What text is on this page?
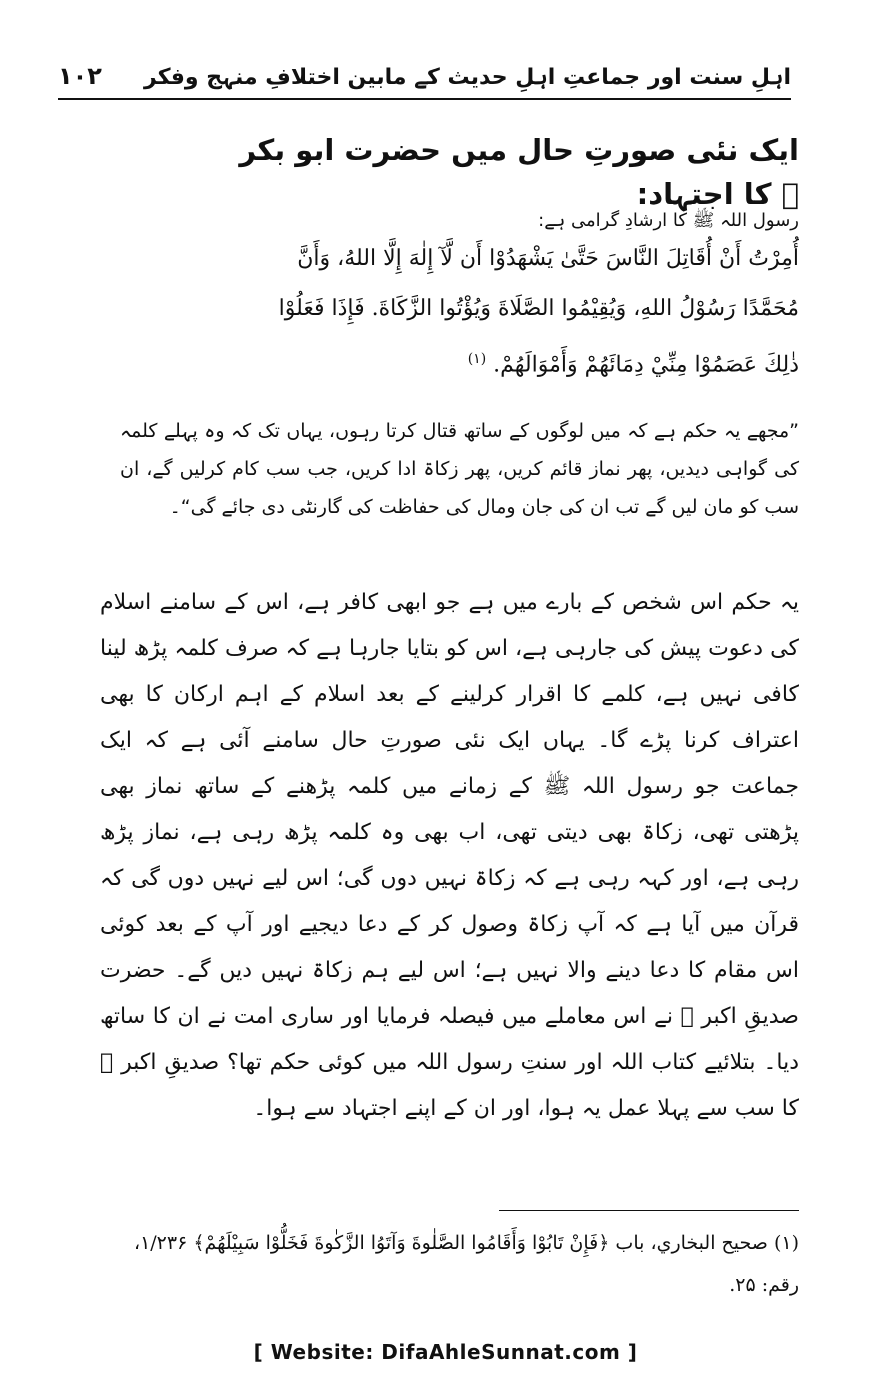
۱۰۲ اہلِ سنت اور جماعتِ اہلِ حدیث کے مابین اختلافِ منہج وفکر
ایک نئی صورتِ حال میں حضرت ابو بکر ﷛ کا اجتہاد:
رسول اللہ ﷺ کا ارشادِ گرامی ہے:
أُمِرْتُ أَنْ أُقَاتِلَ النَّاسَ حَتَّىٰ يَشْهَدُوْا أَن لَّآ إِلٰهَ إِلَّا اللهُ، وَأَنَّ
مُحَمَّدًا رَسُوْلُ اللهِ، وَيُقِيْمُوا الصَّلَاةَ وَيُؤْتُوا الزَّكَاةَ. فَإِذَا فَعَلُوْا
ذٰلِكَ عَصَمُوْا مِنِّيْ دِمَائَهُمْ وَأَمْوَالَهُمْ. $^{(۱)}$
”مجھے یہ حکم ہے کہ میں لوگوں کے ساتھ قتال کرتا رہوں، یہاں تک کہ وہ پہلے کلمہ کی گواہی دیدیں، پھر نماز قائم کریں، پھر زکاۃ ادا کریں، جب سب کام کرلیں گے، ان سب کو مان لیں گے تب ان کی جان ومال کی حفاظت کی گارنٹی دی جائے گی“۔
یہ حکم اس شخص کے بارے میں ہے جو ابھی کافر ہے، اس کے سامنے اسلام کی دعوت پیش کی جارہی ہے، اس کو بتایا جارہا ہے کہ صرف کلمہ پڑھ لینا کافی نہیں ہے، کلمے کا اقرار کرلینے کے بعد اسلام کے اہم ارکان کا بھی اعتراف کرنا پڑے گا۔ یہاں ایک نئی صورتِ حال سامنے آئی ہے کہ ایک جماعت جو رسول اللہ ﷺ کے زمانے میں کلمہ پڑھنے کے ساتھ نماز بھی پڑھتی تھی، زکاۃ بھی دیتی تھی، اب بھی وہ کلمہ پڑھ رہی ہے، نماز پڑھ رہی ہے، اور کہہ رہی ہے کہ زکاۃ نہیں دوں گی؛ اس لیے نہیں دوں گی کہ قرآن میں آیا ہے کہ آپ زکاۃ وصول کر کے دعا دیجیے اور آپ کے بعد کوئی اس مقام کا دعا دینے والا نہیں ہے؛ اس لیے ہم زکاۃ نہیں دیں گے۔ حضرت صدیقِ اکبر ﷛ نے اس معاملے میں فیصلہ فرمایا اور ساری امت نے ان کا ساتھ دیا۔ بتلائیے کتاب اللہ اور سنتِ رسول اللہ میں کوئی حکم تھا؟ صدیقِ اکبر ﷛ کا سب سے پہلا عمل یہ ہوا، اور ان کے اپنے اجتہاد سے ہوا۔
(۱) صحيح البخاري، باب ﴿فَإِنْ تَابُوْا وَأَقَامُوا الصَّلٰوةَ وَآتَوُا الزَّكٰوةَ فَخَلُّوْا سَبِيْلَهُمْ﴾ ۱/۲۳۶، رقم: ۲۵.
[ Website: DifaAhleSunnat.com ]
